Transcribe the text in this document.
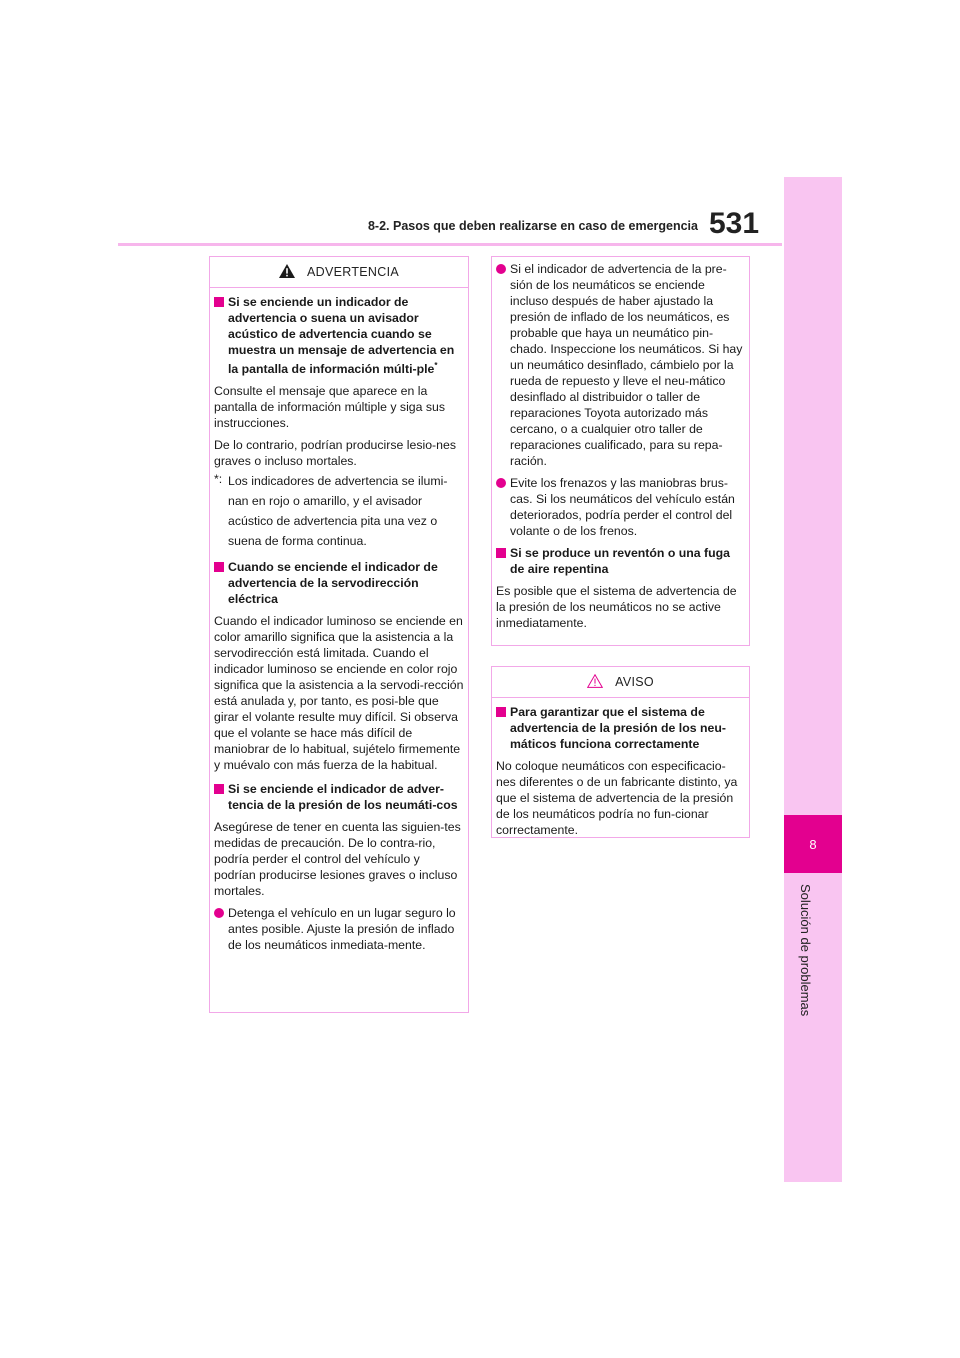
8-2. Pasos que deben realizarse en caso de emergencia 531
8
Solución de problemas
ADVERTENCIA
Si se enciende un indicador de advertencia o suena un avisador acústico de advertencia cuando se muestra un mensaje de advertencia en la pantalla de información múlti-ple*

Consulte el mensaje que aparece en la pantalla de información múltiple y siga sus instrucciones.

De lo contrario, podrían producirse lesio-nes graves o incluso mortales.

*: Los indicadores de advertencia se ilumi-nan en rojo o amarillo, y el avisador acústico de advertencia pita una vez o suena de forma continua.
Cuando se enciende el indicador de advertencia de la servodirección eléctrica

Cuando el indicador luminoso se enciende en color amarillo significa que la asistencia a la servodirección está limitada. Cuando el indicador luminoso se enciende en color rojo significa que la asistencia a la servodi-rección está anulada y, por tanto, es posi-ble que girar el volante resulte muy difícil. Si observa que el volante se hace más difícil de maniobrar de lo habitual, sujételo firmemente y muévalo con más fuerza de la habitual.

Si se enciende el indicador de adver-tencia de la presión de los neumáti-cos

Asegúrese de tener en cuenta las siguien-tes medidas de precaución. De lo contra-rio, podría perder el control del vehículo y podrían producirse lesiones graves o incluso mortales.

Detenga el vehículo en un lugar seguro lo antes posible. Ajuste la presión de inflado de los neumáticos inmediata-mente.
Si el indicador de advertencia de la pre-sión de los neumáticos se enciende incluso después de haber ajustado la presión de inflado de los neumáticos, es probable que haya un neumático pin-chado. Inspeccione los neumáticos. Si hay un neumático desinflado, cámbielo por la rueda de repuesto y lleve el neu-mático desinflado al distribuidor o taller de reparaciones Toyota autorizado más cercano, o a cualquier otro taller de reparaciones cualificado, para su repa-ración.
Evite los frenazos y las maniobras brus-cas. Si los neumáticos del vehículo están deteriorados, podría perder el control del volante o de los frenos.
Si se produce un reventón o una fuga de aire repentina

Es posible que el sistema de advertencia de la presión de los neumáticos no se active inmediatamente.

AVISO
Para garantizar que el sistema de advertencia de la presión de los neu-máticos funciona correctamente

No coloque neumáticos con especificacio-nes diferentes o de un fabricante distinto, ya que el sistema de advertencia de la presión de los neumáticos podría no fun-cionar correctamente.
